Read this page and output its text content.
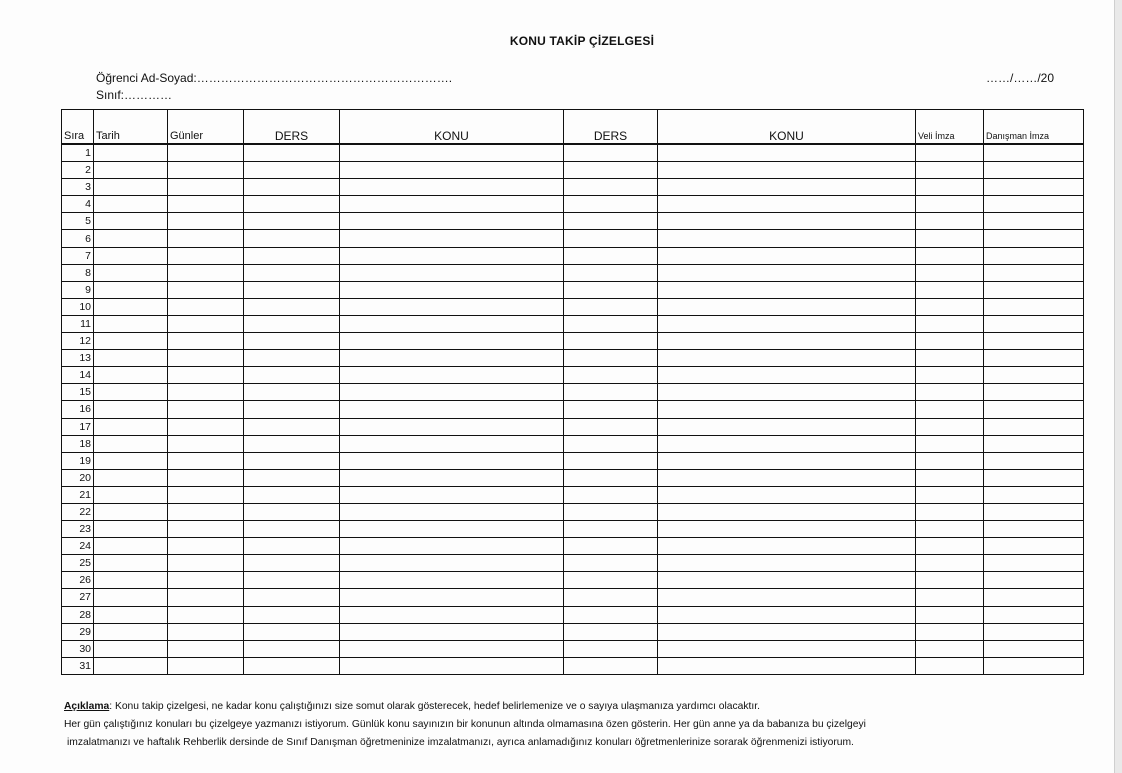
KONU TAKİP ÇİZELGESİ
Öğrenci Ad-Soyad:……………………………………………………….
Sınıf:…………
……/……/20
Sıra	Tarih	Günler	DERS	KONU	DERS	KONU	Veli İmza	Danışman İmza
1								
2								
3								
4								
5								
6								
7								
8								
9								
10								
11								
12								
13								
14								
15								
16								
17								
18								
19								
20								
21								
22								
23								
24								
25								
26								
27								
28								
29								
30								
31								

Açıklama: Konu takip çizelgesi, ne kadar konu çalıştığınızı size somut olarak gösterecek, hedef belirlemenize ve o sayıya ulaşmanıza yardımcı olacaktır.

Her gün çalıştığınız konuları bu çizelgeye yazmanızı istiyorum. Günlük konu sayınızın bir konunun altında olmamasına özen gösterin. Her gün anne ya da babanıza bu çizelgeyi

imzalatmanızı ve haftalık Rehberlik dersinde de Sınıf Danışman öğretmeninize imzalatmanızı, ayrıca anlamadığınız konuları öğretmenlerinize sorarak öğrenmenizi istiyorum.
